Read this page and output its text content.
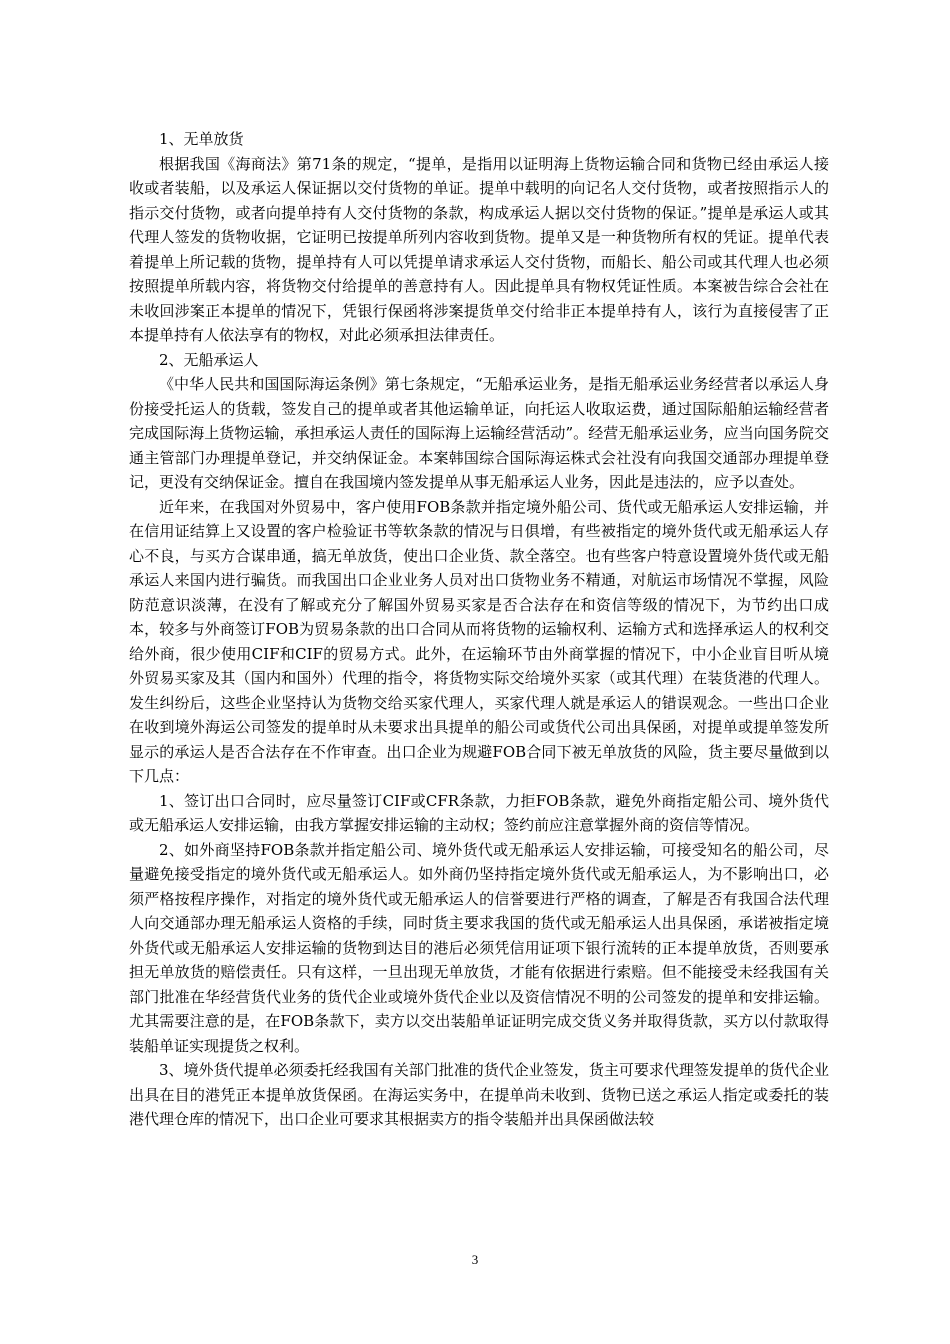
1、无单放货

根据我国《海商法》第71条的规定，“提单，是指用以证明海上货物运输合同和货物已经由承运人接收或者装船，以及承运人保证据以交付货物的单证。提单中载明的向记名人交付货物，或者按照指示人的指示交付货物，或者向提单持有人交付货物的条款，构成承运人据以交付货物的保证。”提单是承运人或其代理人签发的货物收据，它证明已按提单所列内容收到货物。提单又是一种货物所有权的凭证。提单代表着提单上所记载的货物，提单持有人可以凭提单请求承运人交付货物，而船长、船公司或其代理人也必须按照提单所载内容，将货物交付给提单的善意持有人。因此提单具有物权凭证性质。本案被告综合会社在未收回涉案正本提单的情况下，凭银行保函将涉案提货单交付给非正本提单持有人，该行为直接侵害了正本提单持有人依法享有的物权，对此必须承担法律责任。

2、无船承运人

《中华人民共和国国际海运条例》第七条规定，“无船承运业务，是指无船承运业务经营者以承运人身份接受托运人的货载，签发自己的提单或者其他运输单证，向托运人收取运费，通过国际船舶运输经营者完成国际海上货物运输，承担承运人责任的国际海上运输经营活动”。经营无船承运业务，应当向国务院交通主管部门办理提单登记，并交纳保证金。本案韩国综合国际海运株式会社没有向我国交通部办理提单登记，更没有交纳保证金。擅自在我国境内签发提单从事无船承运人业务，因此是违法的，应予以查处。

近年来，在我国对外贸易中，客户使用FOB条款并指定境外船公司、货代或无船承运人安排运输，并在信用证结算上又设置的客户检验证书等软条款的情况与日俱增，有些被指定的境外货代或无船承运人存心不良，与买方合谋串通，搞无单放货，使出口企业货、款全落空。也有些客户特意设置境外货代或无船承运人来国内进行骗货。而我国出口企业业务人员对出口货物业务不精通，对航运市场情况不掌握，风险防范意识淡薄，在没有了解或充分了解国外贸易买家是否合法存在和资信等级的情况下，为节约出口成本，较多与外商签订FOB为贸易条款的出口合同从而将货物的运输权利、运输方式和选择承运人的权利交给外商，很少使用CIF和CIF的贸易方式。此外，在运输环节由外商掌握的情况下，中小企业盲目听从境外贸易买家及其（国内和国外）代理的指令，将货物实际交给境外买家（或其代理）在装货港的代理人。发生纠纷后，这些企业坚持认为货物交给买家代理人，买家代理人就是承运人的错误观念。一些出口企业在收到境外海运公司签发的提单时从未要求出具提单的船公司或货代公司出具保函，对提单或提单签发所显示的承运人是否合法存在不作审查。出口企业为规避FOB合同下被无单放货的风险，货主要尽量做到以下几点：

1、签订出口合同时，应尽量签订CIF或CFR条款，力拒FOB条款，避免外商指定船公司、境外货代或无船承运人安排运输，由我方掌握安排运输的主动权；签约前应注意掌握外商的资信等情况。

2、如外商坚持FOB条款并指定船公司、境外货代或无船承运人安排运输，可接受知名的船公司，尽量避免接受指定的境外货代或无船承运人。如外商仍坚持指定境外货代或无船承运人，为不影响出口，必须严格按程序操作，对指定的境外货代或无船承运人的信誉要进行严格的调查，了解是否有我国合法代理人向交通部办理无船承运人资格的手续，同时货主要求我国的货代或无船承运人出具保函，承诺被指定境外货代或无船承运人安排运输的货物到达目的港后必须凭信用证项下银行流转的正本提单放货，否则要承担无单放货的赔偿责任。只有这样，一旦出现无单放货，才能有依据进行索赔。但不能接受未经我国有关部门批准在华经营货代业务的货代企业或境外货代企业以及资信情况不明的公司签发的提单和安排运输。尤其需要注意的是，在FOB条款下，卖方以交出装船单证证明完成交货义务并取得货款，买方以付款取得装船单证实现提货之权利。

3、境外货代提单必须委托经我国有关部门批准的货代企业签发，货主可要求代理签发提单的货代企业出具在目的港凭正本提单放货保函。在海运实务中，在提单尚未收到、货物已送之承运人指定或委托的装港代理仓库的情况下，出口企业可要求其根据卖方的指令装船并出具保函做法较

3
